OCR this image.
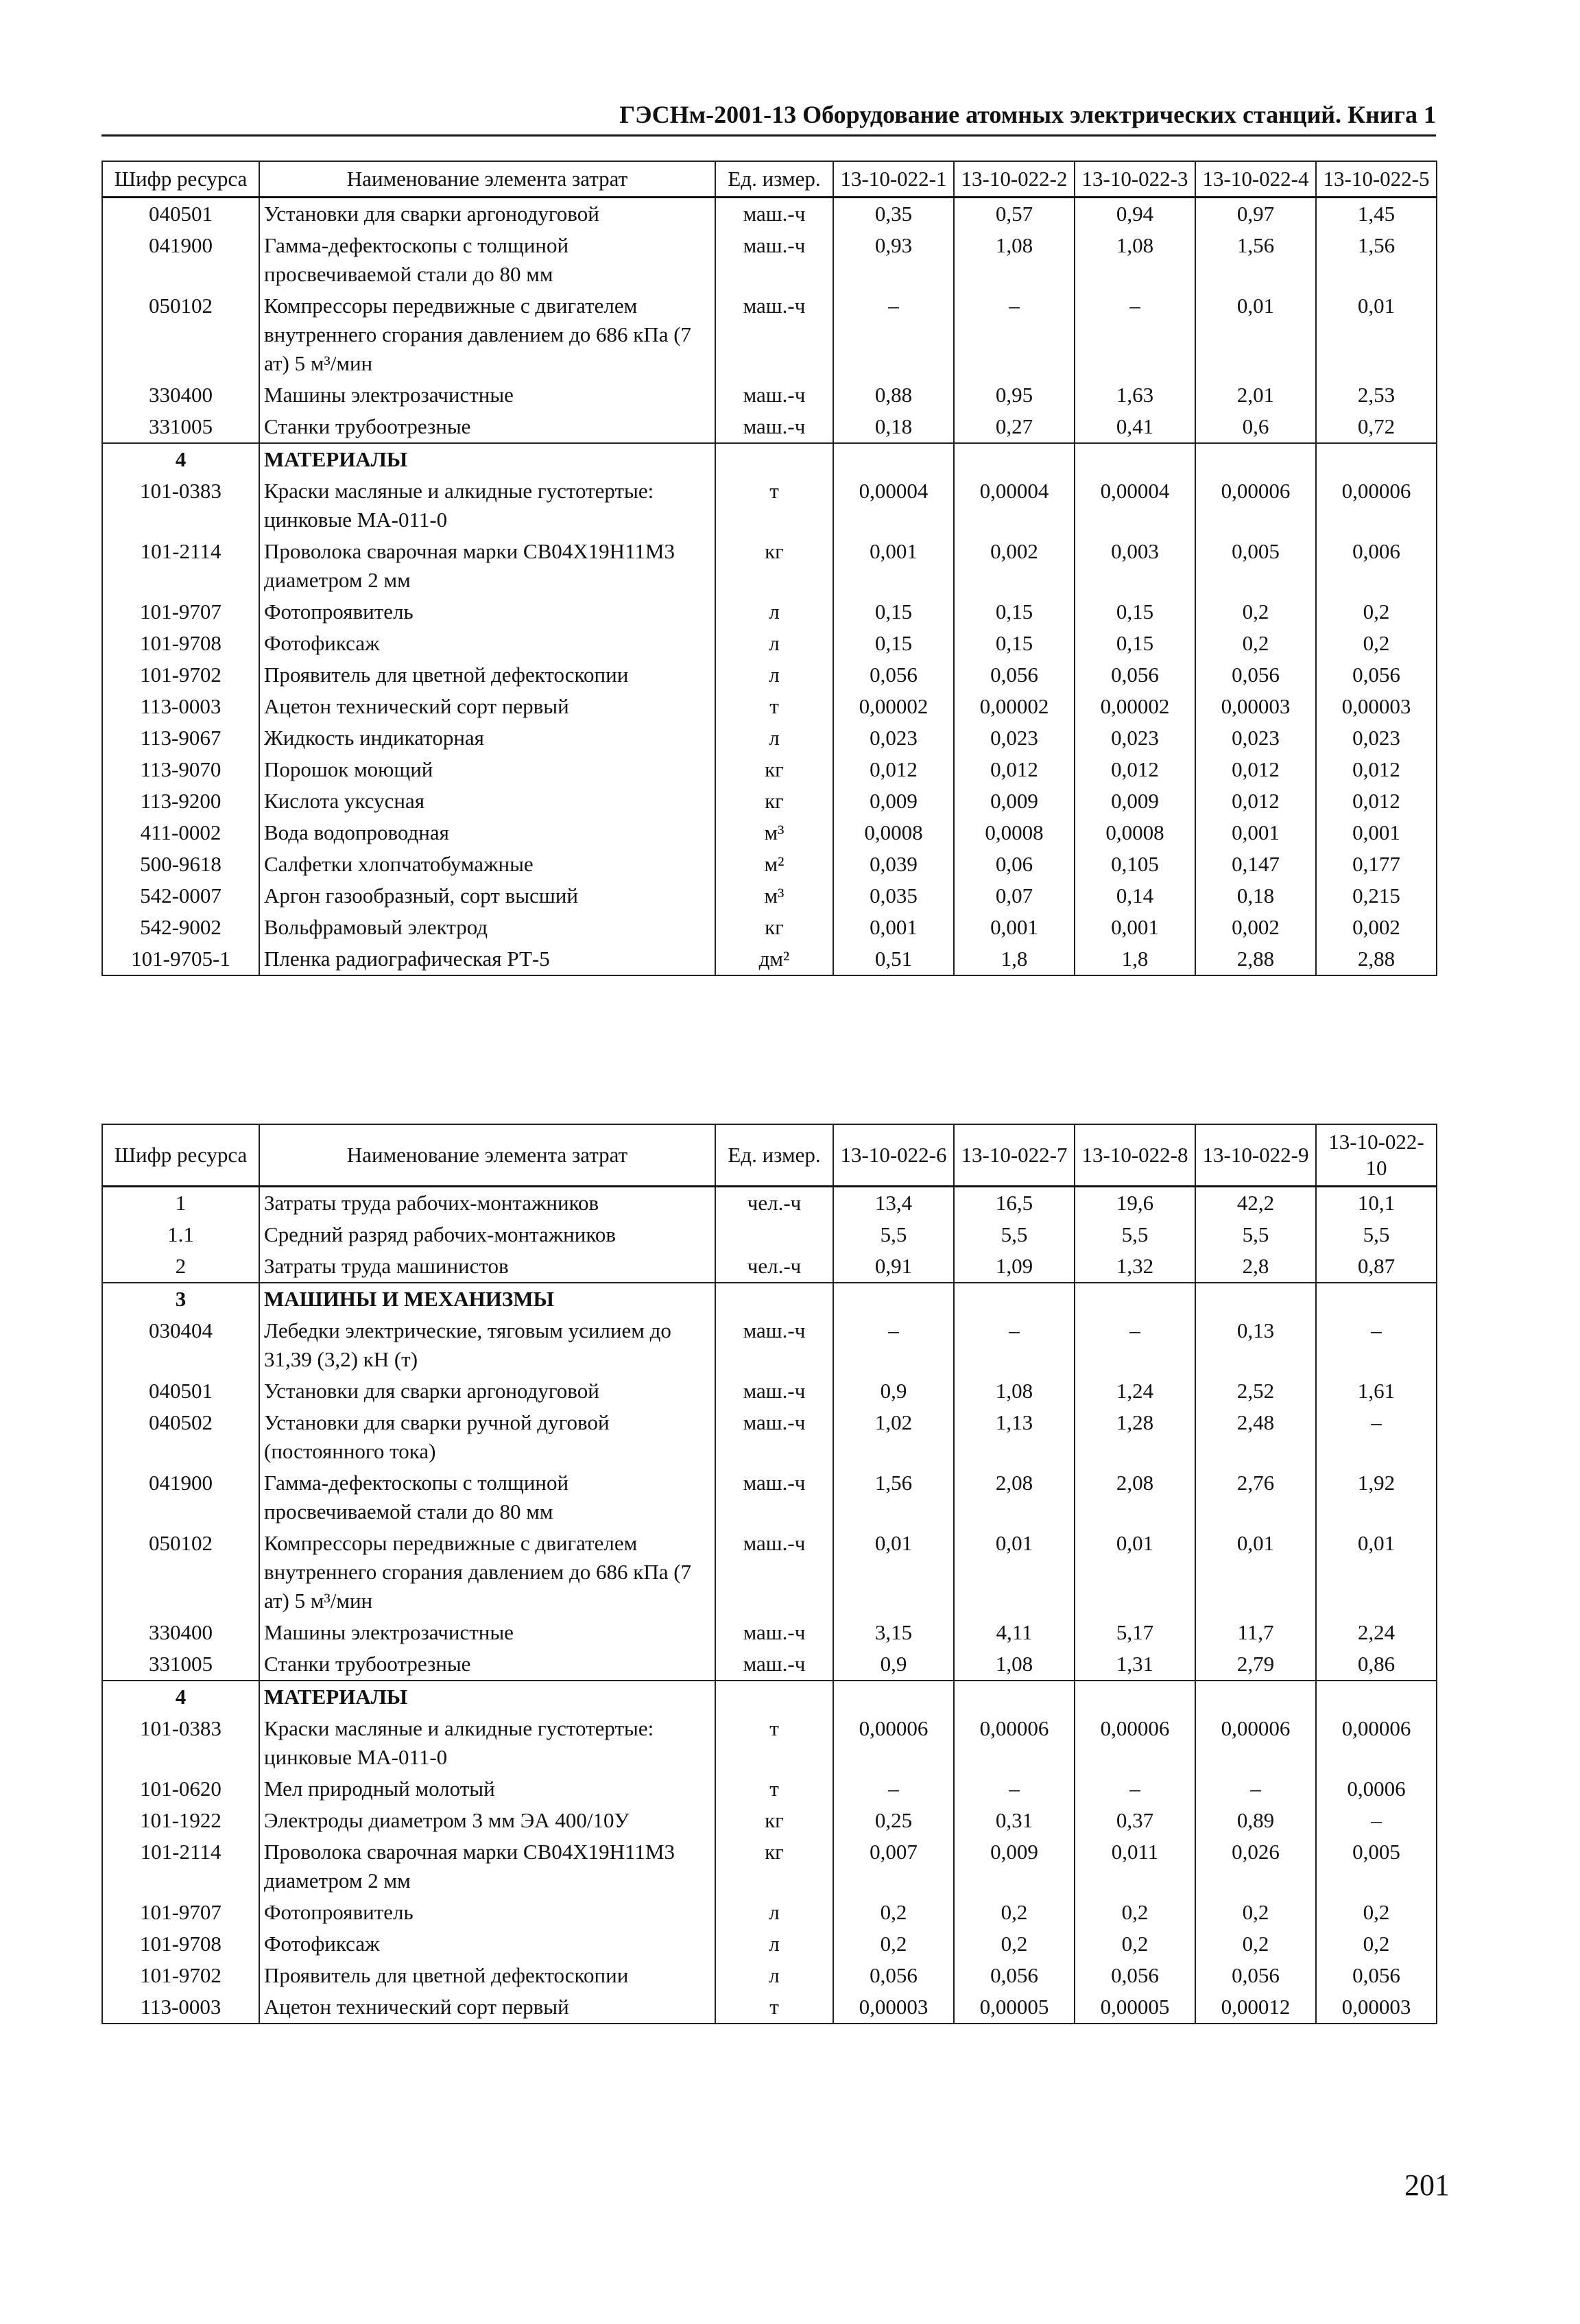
ГЭСНм-2001-13 Оборудование атомных электрических станций. Книга 1
Шифр ресурса	Наименование элемента затрат	Ед. измер.	13-10-022-1	13-10-022-2	13-10-022-3	13-10-022-4	13-10-022-5
040501	Установки для сварки аргонодуговой	маш.-ч	0,35	0,57	0,94	0,97	1,45
041900	Гамма-дефектоскопы с толщиной просвечиваемой стали до 80 мм	маш.-ч	0,93	1,08	1,08	1,56	1,56
050102	Компрессоры передвижные с двигателем внутреннего сгорания давлением до 686 кПа (7 ат) 5 м³/мин	маш.-ч	–	–	–	0,01	0,01
330400	Машины электрозачистные	маш.-ч	0,88	0,95	1,63	2,01	2,53
331005	Станки трубоотрезные	маш.-ч	0,18	0,27	0,41	0,6	0,72
4	МАТЕРИАЛЫ						
101-0383	Краски масляные и алкидные густотертые: цинковые МА-011-0	т	0,00004	0,00004	0,00004	0,00006	0,00006
101-2114	Проволока сварочная марки СВ04Х19Н11М3 диаметром 2 мм	кг	0,001	0,002	0,003	0,005	0,006
101-9707	Фотопроявитель	л	0,15	0,15	0,15	0,2	0,2
101-9708	Фотофиксаж	л	0,15	0,15	0,15	0,2	0,2
101-9702	Проявитель для цветной дефектоскопии	л	0,056	0,056	0,056	0,056	0,056
113-0003	Ацетон технический сорт первый	т	0,00002	0,00002	0,00002	0,00003	0,00003
113-9067	Жидкость индикаторная	л	0,023	0,023	0,023	0,023	0,023
113-9070	Порошок моющий	кг	0,012	0,012	0,012	0,012	0,012
113-9200	Кислота уксусная	кг	0,009	0,009	0,009	0,012	0,012
411-0002	Вода водопроводная	м³	0,0008	0,0008	0,0008	0,001	0,001
500-9618	Салфетки хлопчатобумажные	м²	0,039	0,06	0,105	0,147	0,177
542-0007	Аргон газообразный, сорт высший	м³	0,035	0,07	0,14	0,18	0,215
542-9002	Вольфрамовый электрод	кг	0,001	0,001	0,001	0,002	0,002
101-9705-1	Пленка радиографическая РТ-5	дм²	0,51	1,8	1,8	2,88	2,88
Шифр ресурса	Наименование элемента затрат	Ед. измер.	13-10-022-6	13-10-022-7	13-10-022-8	13-10-022-9	13-10-022-10
1	Затраты труда рабочих-монтажников	чел.-ч	13,4	16,5	19,6	42,2	10,1
1.1	Средний разряд рабочих-монтажников		5,5	5,5	5,5	5,5	5,5
2	Затраты труда машинистов	чел.-ч	0,91	1,09	1,32	2,8	0,87
3	МАШИНЫ И МЕХАНИЗМЫ						
030404	Лебедки электрические, тяговым усилием до 31,39 (3,2) кН (т)	маш.-ч	–	–	–	0,13	–
040501	Установки для сварки аргонодуговой	маш.-ч	0,9	1,08	1,24	2,52	1,61
040502	Установки для сварки ручной дуговой (постоянного тока)	маш.-ч	1,02	1,13	1,28	2,48	–
041900	Гамма-дефектоскопы с толщиной просвечиваемой стали до 80 мм	маш.-ч	1,56	2,08	2,08	2,76	1,92
050102	Компрессоры передвижные с двигателем внутреннего сгорания давлением до 686 кПа (7 ат) 5 м³/мин	маш.-ч	0,01	0,01	0,01	0,01	0,01
330400	Машины электрозачистные	маш.-ч	3,15	4,11	5,17	11,7	2,24
331005	Станки трубоотрезные	маш.-ч	0,9	1,08	1,31	2,79	0,86
4	МАТЕРИАЛЫ						
101-0383	Краски масляные и алкидные густотертые: цинковые МА-011-0	т	0,00006	0,00006	0,00006	0,00006	0,00006
101-0620	Мел природный молотый	т	–	–	–	–	0,0006
101-1922	Электроды диаметром 3 мм ЭА 400/10У	кг	0,25	0,31	0,37	0,89	–
101-2114	Проволока сварочная марки СВ04Х19Н11М3 диаметром 2 мм	кг	0,007	0,009	0,011	0,026	0,005
101-9707	Фотопроявитель	л	0,2	0,2	0,2	0,2	0,2
101-9708	Фотофиксаж	л	0,2	0,2	0,2	0,2	0,2
101-9702	Проявитель для цветной дефектоскопии	л	0,056	0,056	0,056	0,056	0,056
113-0003	Ацетон технический сорт первый	т	0,00003	0,00005	0,00005	0,00012	0,00003
201
